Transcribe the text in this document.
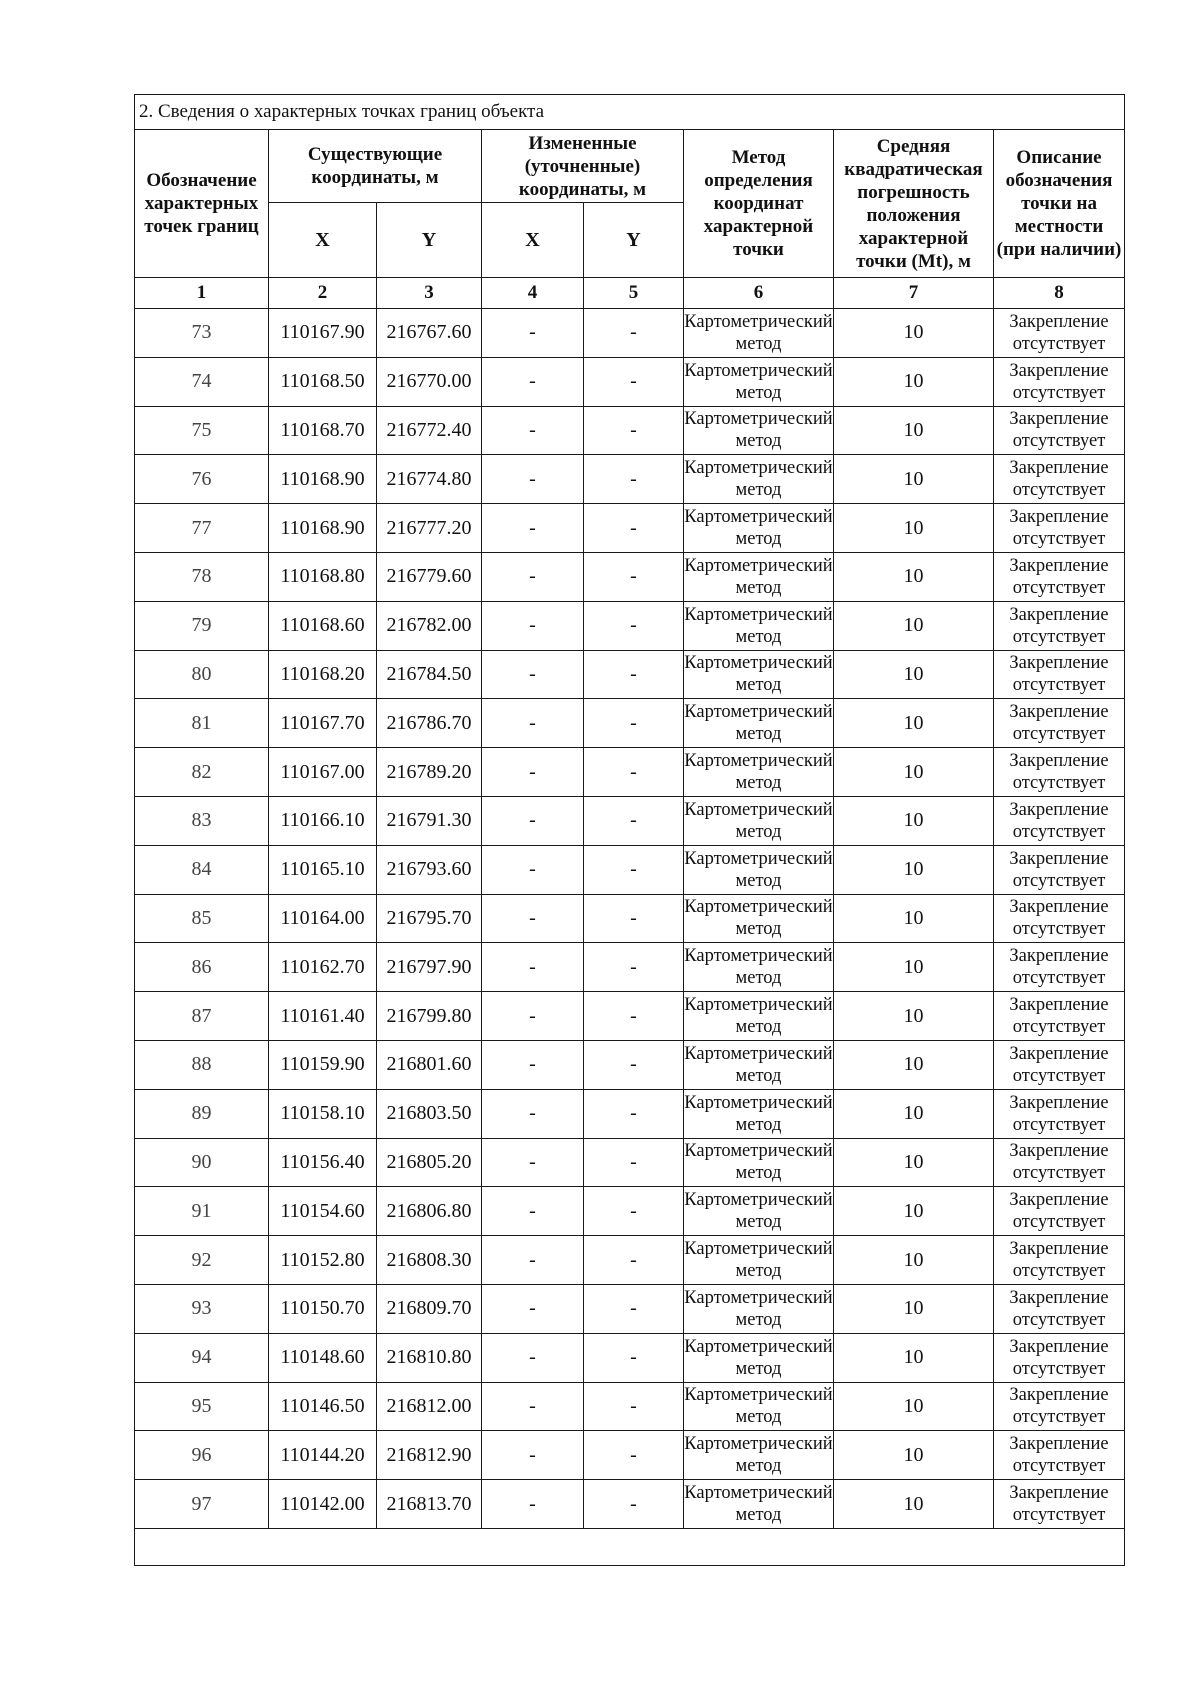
2. Сведения о характерных точках границ объекта							
Обозначение характерных точек границ	Существующие координаты, м		Измененные (уточненные) координаты, м		Метод определения координат характерной точки	Средняя квадратическая погрешность положения характерной точки (Mt), м	Описание обозначения точки на местности (при наличии)
	X	Y	X	Y			
1	2	3	4	5	6	7	8
73	110167.90	216767.60	-	-	Картометрический метод	10	Закрепление отсутствует
74	110168.50	216770.00	-	-	Картометрический метод	10	Закрепление отсутствует
75	110168.70	216772.40	-	-	Картометрический метод	10	Закрепление отсутствует
76	110168.90	216774.80	-	-	Картометрический метод	10	Закрепление отсутствует
77	110168.90	216777.20	-	-	Картометрический метод	10	Закрепление отсутствует
78	110168.80	216779.60	-	-	Картометрический метод	10	Закрепление отсутствует
79	110168.60	216782.00	-	-	Картометрический метод	10	Закрепление отсутствует
80	110168.20	216784.50	-	-	Картометрический метод	10	Закрепление отсутствует
81	110167.70	216786.70	-	-	Картометрический метод	10	Закрепление отсутствует
82	110167.00	216789.20	-	-	Картометрический метод	10	Закрепление отсутствует
83	110166.10	216791.30	-	-	Картометрический метод	10	Закрепление отсутствует
84	110165.10	216793.60	-	-	Картометрический метод	10	Закрепление отсутствует
85	110164.00	216795.70	-	-	Картометрический метод	10	Закрепление отсутствует
86	110162.70	216797.90	-	-	Картометрический метод	10	Закрепление отсутствует
87	110161.40	216799.80	-	-	Картометрический метод	10	Закрепление отсутствует
88	110159.90	216801.60	-	-	Картометрический метод	10	Закрепление отсутствует
89	110158.10	216803.50	-	-	Картометрический метод	10	Закрепление отсутствует
90	110156.40	216805.20	-	-	Картометрический метод	10	Закрепление отсутствует
91	110154.60	216806.80	-	-	Картометрический метод	10	Закрепление отсутствует
92	110152.80	216808.30	-	-	Картометрический метод	10	Закрепление отсутствует
93	110150.70	216809.70	-	-	Картометрический метод	10	Закрепление отсутствует
94	110148.60	216810.80	-	-	Картометрический метод	10	Закрепление отсутствует
95	110146.50	216812.00	-	-	Картометрический метод	10	Закрепление отсутствует
96	110144.20	216812.90	-	-	Картометрический метод	10	Закрепление отсутствует
97	110142.00	216813.70	-	-	Картометрический метод	10	Закрепление отсутствует
